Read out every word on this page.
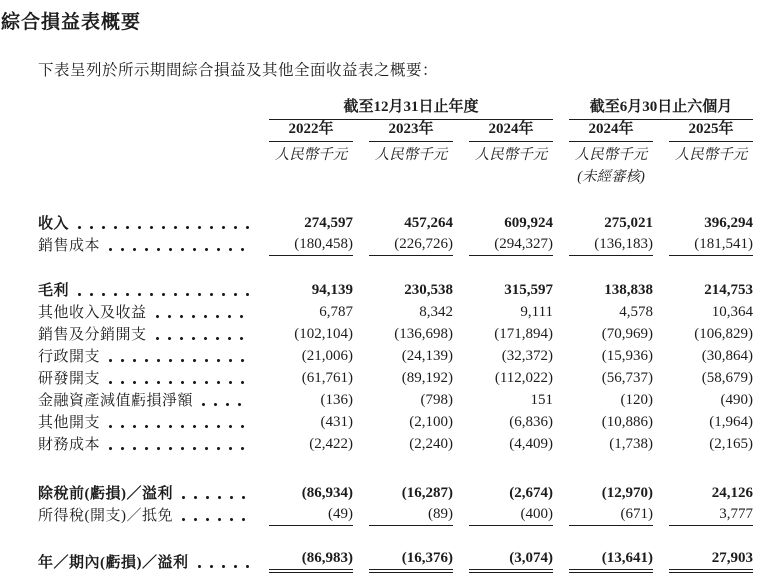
綜合損益表概要
下表呈列於所示期間綜合損益及其他全面收益表之概要：

	截至12月31日止年度			截至6月30日止六個月	

	2022年	2023年	2024年	2024年	2025年

	人民幣千元	人民幣千元	人民幣千元	人民幣千元	人民幣千元

				(未經審核)	

收入	274,597	457,264	609,924	275,021	396,294

銷售成本	(180,458)	(226,726)	(294,327)	(136,183)	(181,541)

毛利	94,139	230,538	315,597	138,838	214,753

其他收入及收益	6,787	8,342	9,111	4,578	10,364

銷售及分銷開支	(102,104)	(136,698)	(171,894)	(70,969)	(106,829)

行政開支	(21,006)	(24,139)	(32,372)	(15,936)	(30,864)

研發開支	(61,761)	(89,192)	(112,022)	(56,737)	(58,679)

金融資產減值虧損淨額	(136)	(798)	151	(120)	(490)

其他開支	(431)	(2,100)	(6,836)	(10,886)	(1,964)

財務成本	(2,422)	(2,240)	(4,409)	(1,738)	(2,165)

除稅前(虧損)／溢利	(86,934)	(16,287)	(2,674)	(12,970)	24,126

所得稅(開支)／抵免	(49)	(89)	(400)	(671)	3,777

年／期內(虧損)／溢利	(86,983)	(16,376)	(3,074)	(13,641)	27,903
